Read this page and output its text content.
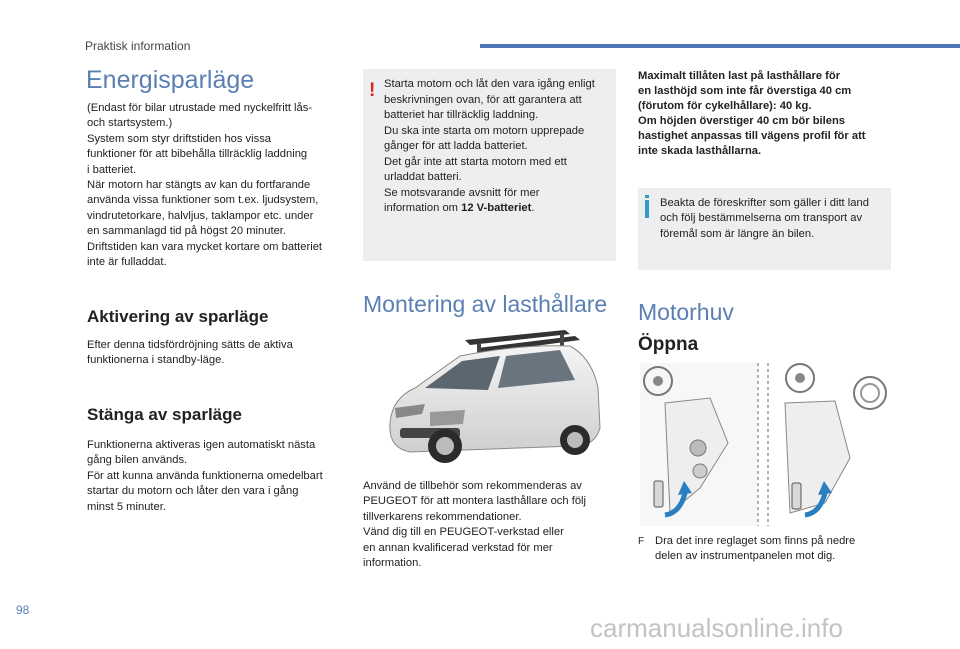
Praktisk information
Energisparläge

(Endast för bilar utrustade med nyckelfritt lås-

och startsystem.)

System som styr driftstiden hos vissa

funktioner för att bibehålla tillräcklig laddning

i batteriet.

När motorn har stängts av kan du fortfarande

använda vissa funktioner som t.ex. ljudsystem,

vindrutetorkare, halvljus, taklampor etc. under

en sammanlagd tid på högst 20 minuter.

Driftstiden kan vara mycket kortare om batteriet

inte är fulladdat.

Aktivering av sparläge

Efter denna tidsfördröjning sätts de aktiva

funktionerna i standby-läge.

Stänga av sparläge

Funktionerna aktiveras igen automatiskt nästa

gång bilen används.

För att kunna använda funktionerna omedelbart

startar du motorn och låter den vara i gång

minst 5 minuter.

! Starta motorn och låt den vara igång enligt

beskrivningen ovan, för att garantera att

batteriet har tillräcklig laddning.

Du ska inte starta om motorn upprepade

gånger för att ladda batteriet.

Det går inte att starta motorn med ett

urladdat batteri.

Se motsvarande avsnitt för mer

information om 12 V-batteriet.

Montering av lasthållare

Använd de tillbehör som rekommenderas av

PEUGEOT för att montera lasthållare och följ

tillverkarens rekommendationer.

Vänd dig till en PEUGEOT-verkstad eller

en annan kvalificerad verkstad för mer

information.

Maximalt tillåten last på lasthållare för

en lasthöjd som inte får överstiga 40 cm

(förutom för cykelhållare): 40 kg.

Om höjden överstiger 40 cm bör bilens

hastighet anpassas till vägens profil för att

inte skada lasthållarna.

Beakta de föreskrifter som gäller i ditt land

och följ bestämmelserna om transport av

föremål som är längre än bilen.

Motorhuv
Öppna
F Dra det inre reglaget som finns på nedre

delen av instrumentpanelen mot dig.

98
carmanualsonline.info
